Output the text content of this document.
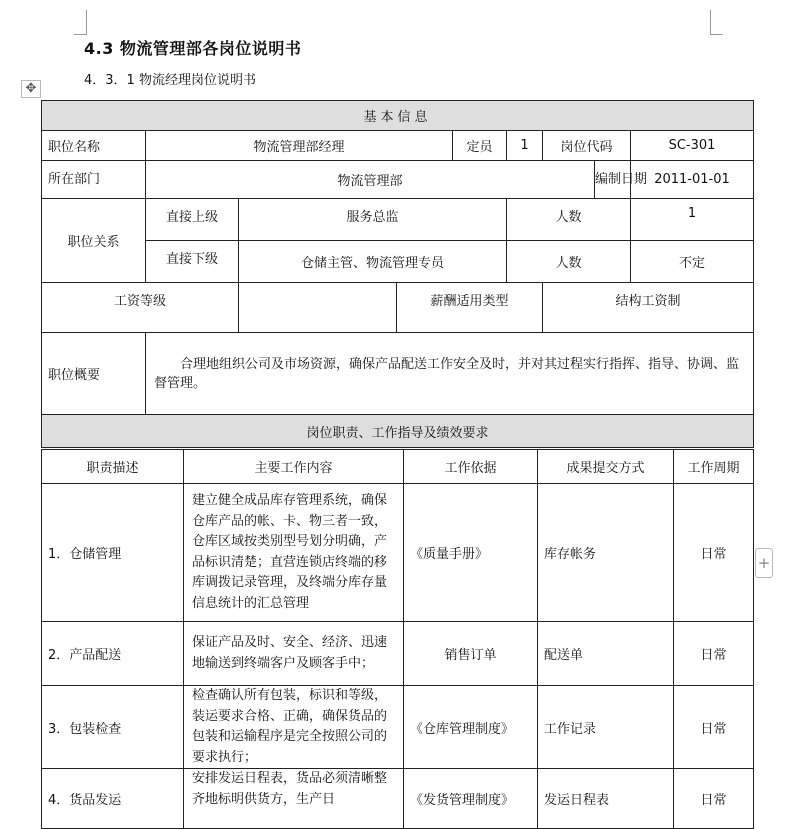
4.3 物流管理部各岗位说明书
4．3．1 物流经理岗位说明书
✥
+
基本信息								
职位名称	物流管理部经理			定员	1	岗位代码		SC-301
所在部门	物流管理部						编制日期	2011-01-01
职位关系	直接上级	服务总监			人数			1
	直接下级	仓储主管、物流管理专员			人数			不定
工资等级			薪酬适用类型			结构工资制		
职位概要	合理地组织公司及市场资源，确保产品配送工作安全及时，并对其过程实行指挥、指导、协调、监督管理。							
岗位职责、工作指导及绩效要求								
职责描述	主要工作内容	工作依据	成果提交方式	工作周期
1．仓储管理	建立健全成品库存管理系统，确保仓库产品的帐、卡、物三者一致，仓库区域按类别型号划分明确，产品标识清楚；直营连锁店终端的移库调拨记录管理，及终端分库存量信息统计的汇总管理	《质量手册》	库存帐务	日常
2．产品配送	保证产品及时、安全、经济、迅速地输送到终端客户及顾客手中；	销售订单	配送单	日常
3．包装检查	检查确认所有包装，标识和等级，装运要求合格、正确，确保货品的包装和运输程序是完全按照公司的要求执行；	《仓库管理制度》	工作记录	日常
4．货品发运	安排发运日程表，货品必须清晰整齐地标明供货方，生产日	《发货管理制度》	发运日程表	日常
